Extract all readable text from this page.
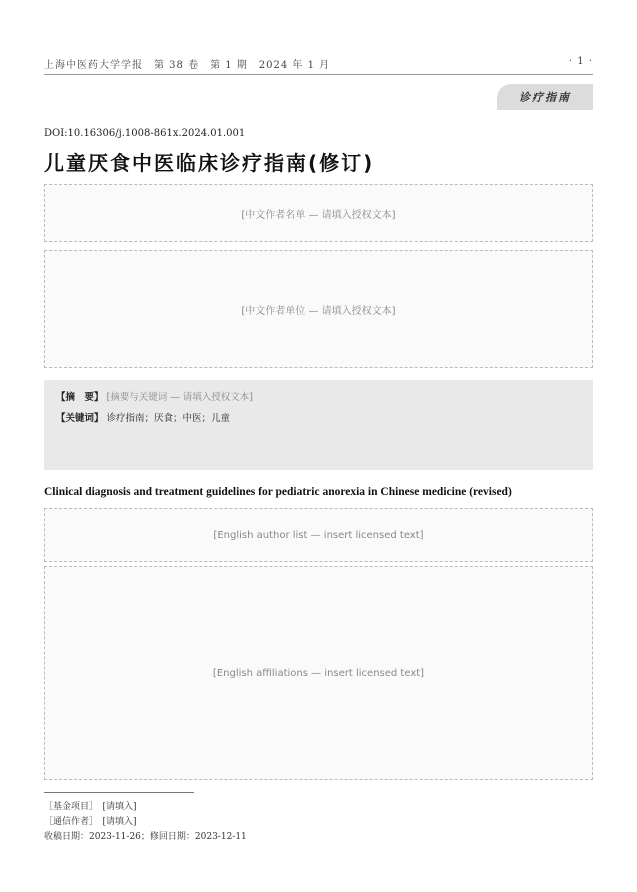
上海中医药大学学报　第 38 卷　第 1 期　2024 年 1 月	· 1 ·
诊疗指南
DOI:10.16306/j.1008-861x.2024.01.001
儿童厌食中医临床诊疗指南(修订)
[中文作者名单 — 请填入授权文本]
[中文作者单位 — 请填入授权文本]
【摘　要】 [摘要与关键词 — 请填入授权文本]
【关键词】 诊疗指南；厌食；中医；儿童
Clinical diagnosis and treatment guidelines for pediatric anorexia in Chinese medicine (revised)
[English author list — insert licensed text]
[English affiliations — insert licensed text]
［基金项目］　[请填入]
［通信作者］　[请填入]
收稿日期：2023-11-26；修回日期：2023-12-11
